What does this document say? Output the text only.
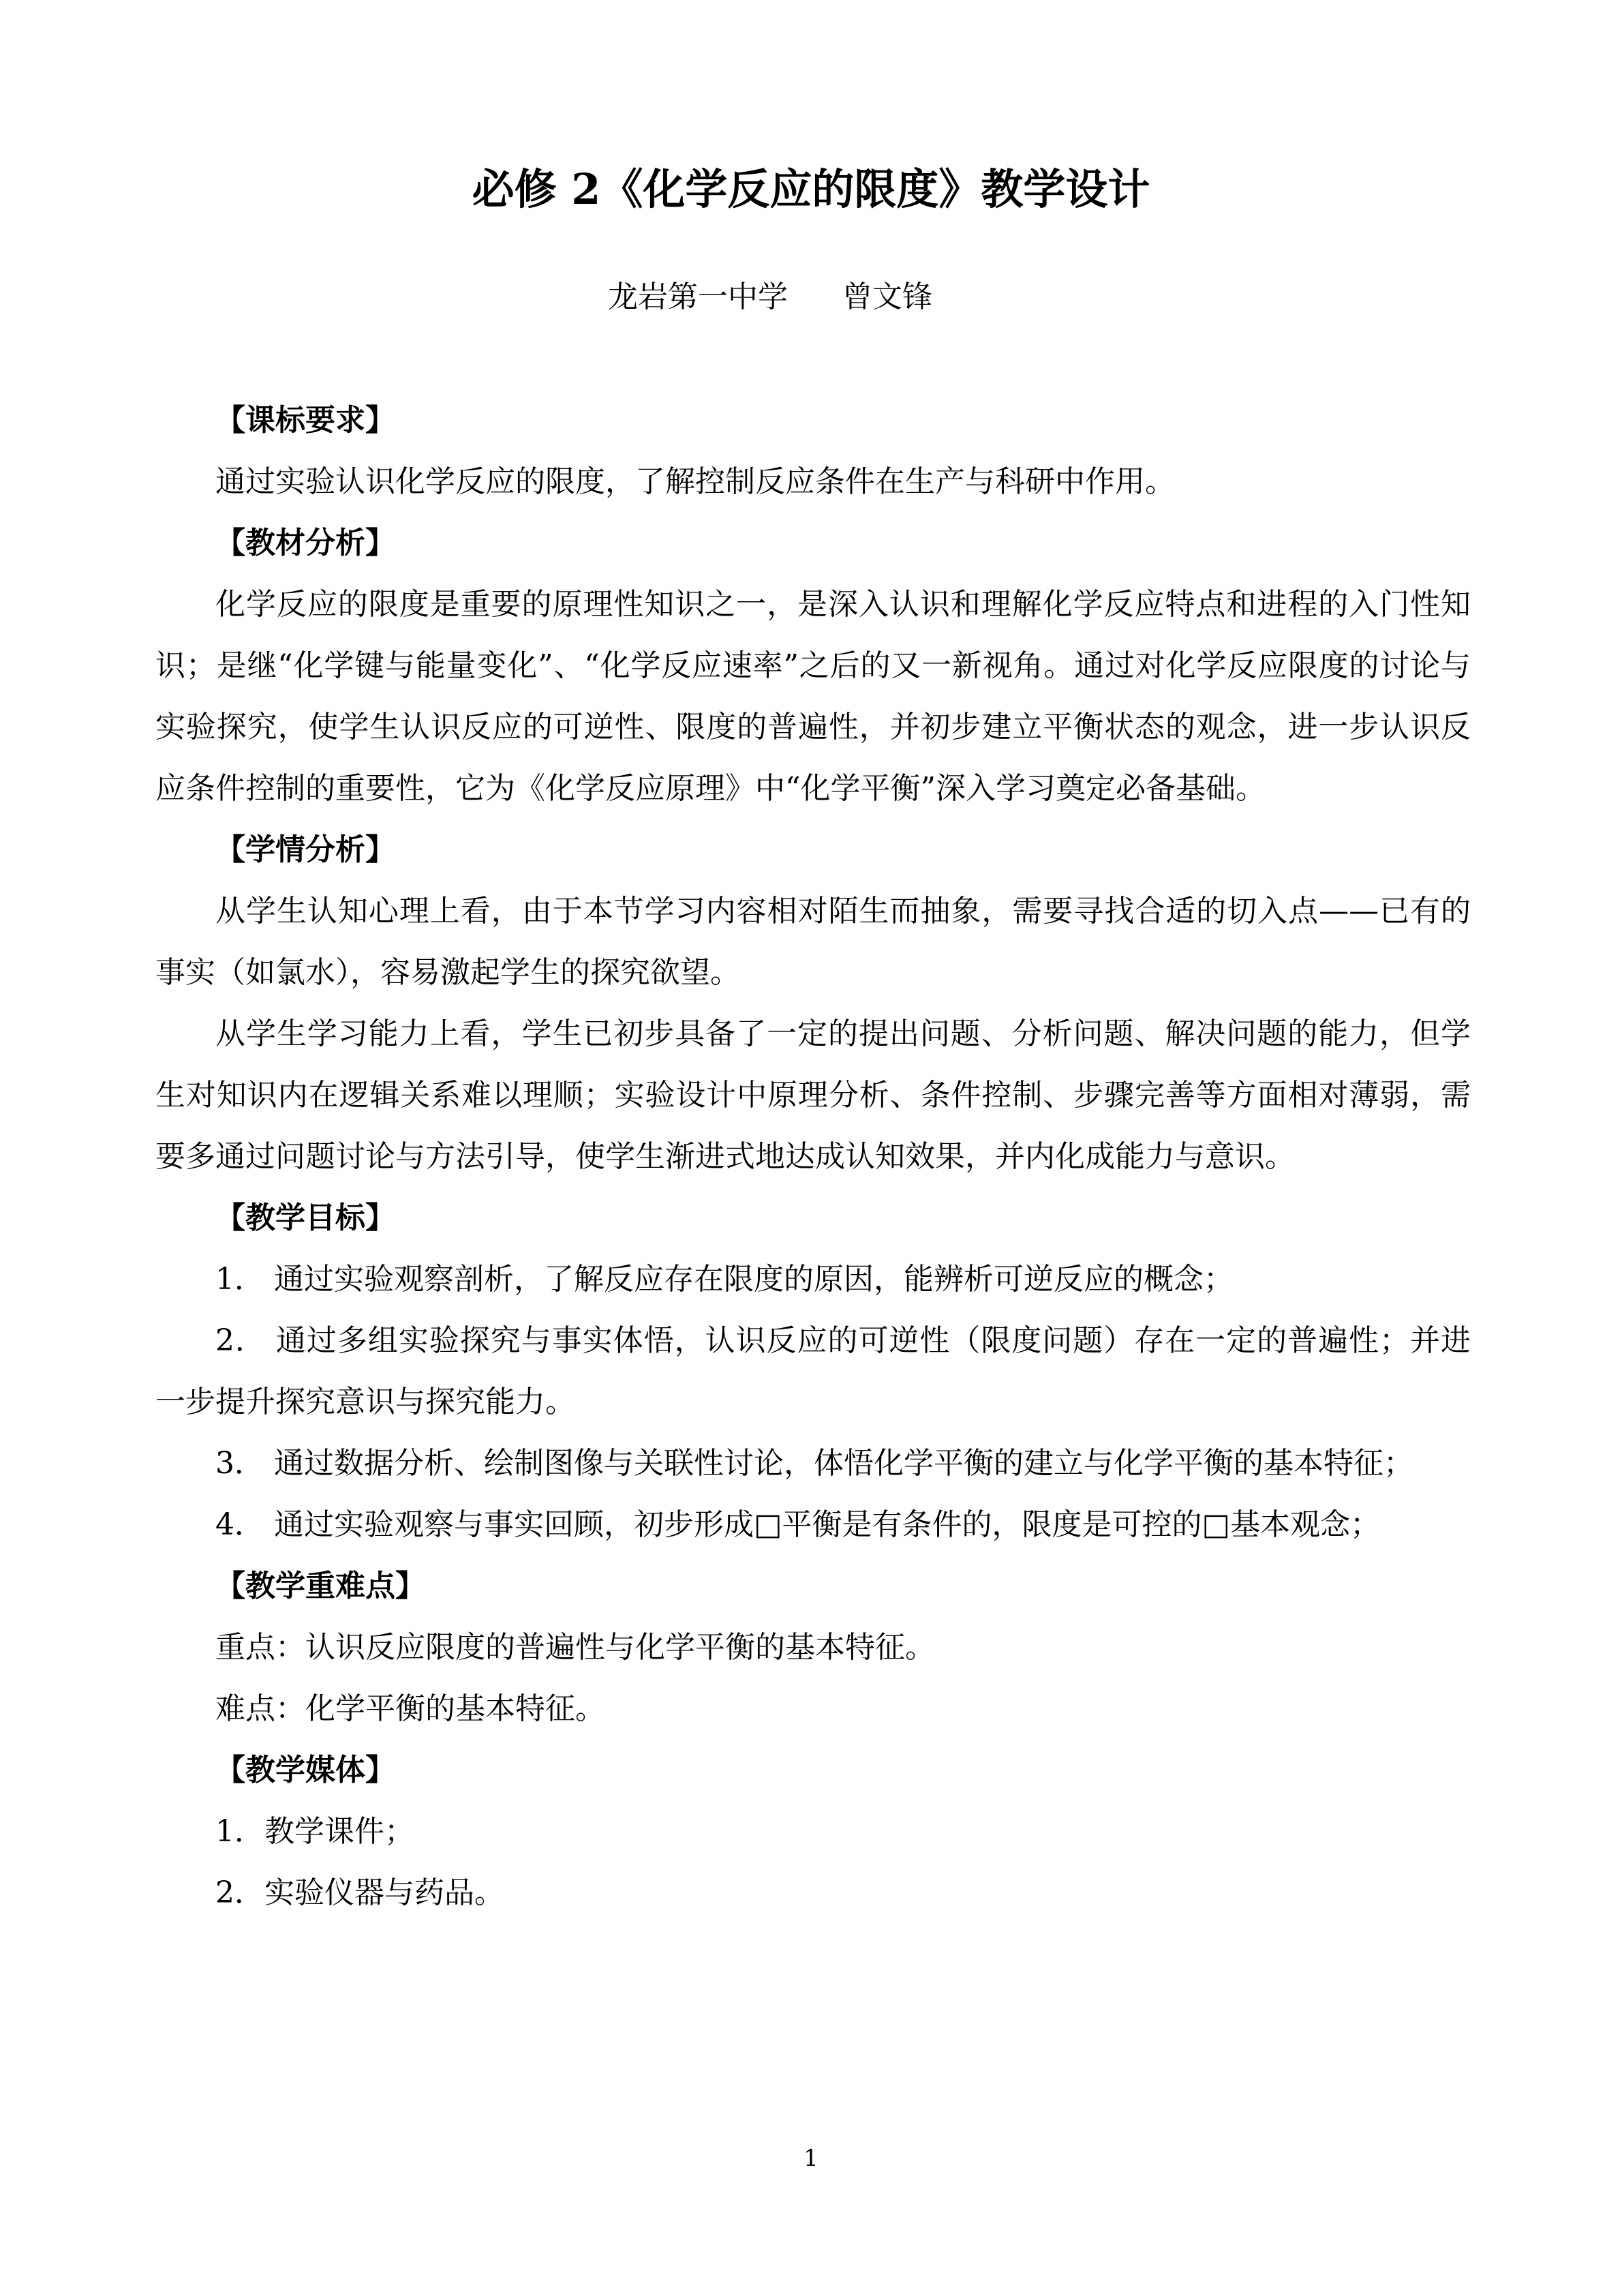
必修 2《化学反应的限度》教学设计
龙岩第一中学 曾文锋

【课标要求】

通过实验认识化学反应的限度，了解控制反应条件在生产与科研中作用。

【教材分析】

化学反应的限度是重要的原理性知识之一，是深入认识和理解化学反应特点和进程的入门性知识；是继“化学键与能量变化”、“化学反应速率”之后的又一新视角。通过对化学反应限度的讨论与实验探究，使学生认识反应的可逆性、限度的普遍性，并初步建立平衡状态的观念，进一步认识反应条件控制的重要性，它为《化学反应原理》中“化学平衡”深入学习奠定必备基础。

【学情分析】

从学生认知心理上看，由于本节学习内容相对陌生而抽象，需要寻找合适的切入点——已有的事实（如氯水），容易激起学生的探究欲望。

从学生学习能力上看，学生已初步具备了一定的提出问题、分析问题、解决问题的能力，但学生对知识内在逻辑关系难以理顺；实验设计中原理分析、条件控制、步骤完善等方面相对薄弱，需要多通过问题讨论与方法引导，使学生渐进式地达成认知效果，并内化成能力与意识。

【教学目标】

1． 通过实验观察剖析，了解反应存在限度的原因，能辨析可逆反应的概念；

2． 通过多组实验探究与事实体悟，认识反应的可逆性（限度问题）存在一定的普遍性；并进一步提升探究意识与探究能力。

3． 通过数据分析、绘制图像与关联性讨论，体悟化学平衡的建立与化学平衡的基本特征；

4． 通过实验观察与事实回顾，初步形成□平衡是有条件的，限度是可控的□基本观念；

【教学重难点】

重点：认识反应限度的普遍性与化学平衡的基本特征。

难点：化学平衡的基本特征。

【教学媒体】

1．教学课件；

2．实验仪器与药品。

1
